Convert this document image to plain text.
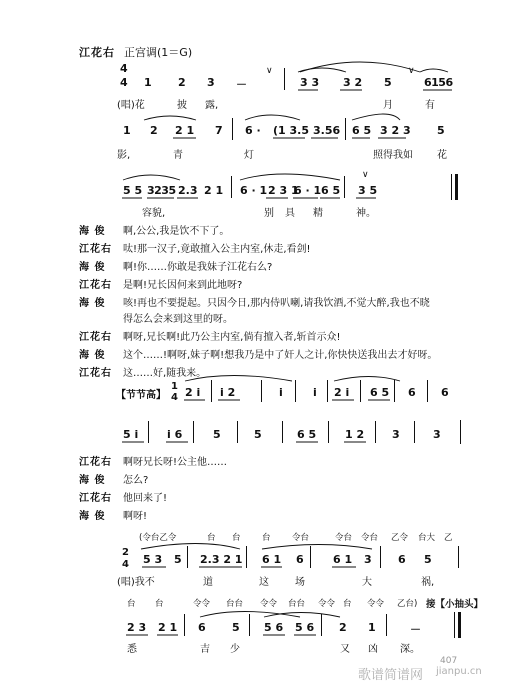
江花右 正宫调(1＝G)
4
4 1 2 3 －
∨
3 3 3 2 5
∨
6156
(唱)花	披 露,	月	有
1 2 2 1 7 6 · (1 3.5 3.56 6 5 3 2 3 5
影,	青	灯	照得我如 花
5 5 3235 2.3 2 1 6 · 1 2 3 1
6 · 1 6 5
∨
3 5
容貌,	别 具 精	神。
海 俊 啊,公公,我是饮不下了。
江花右 呔!那一汉子,竟敢擅入公主内室,休走,看剑!
海 俊 啊!你……你敢是我妹子江花右么?
江花右 是啊!兄长因何来到此地呀?
海 俊 咳!再也不要提起。只因今日,那内侍叭喇,请我饮酒,不觉大醉,我也不晓
得怎么会来到这里的呀。
江花右 啊呀,兄长啊!此乃公主内室,倘有擅入者,斩首示众!
海 俊 这个……!啊呀,妹子啊!想我乃是中了奸人之计,你快快送我出去才好呀。
江花右 这……好,随我来。
【节节高】
1
4 2 i i 2	i	i 2 i 6 5 6 6
5 i	i 6	5	5	6 5	1 2	3	3
江花右 啊呀兄长呀!公主他……
海 俊 怎么?
江花右 他回来了!
海 俊 啊呀!
(令台乙令	台 台	台	令台	令台 令台 乙令 台大 乙
2
4 5 3 5 2.3 2 1 6 1 6	6 1 3 6 5
(唱)我不	道	这	场	大	祸,
台 台	令令 台台 令令 台台 令令 台 令令 乙台) 接【小抽头】
2 3 2 1 6 5 5 6 5 6 2 1	－
悉	吉 少	又 凶 深。
歌谱简谱网 jianpu.cn
407
